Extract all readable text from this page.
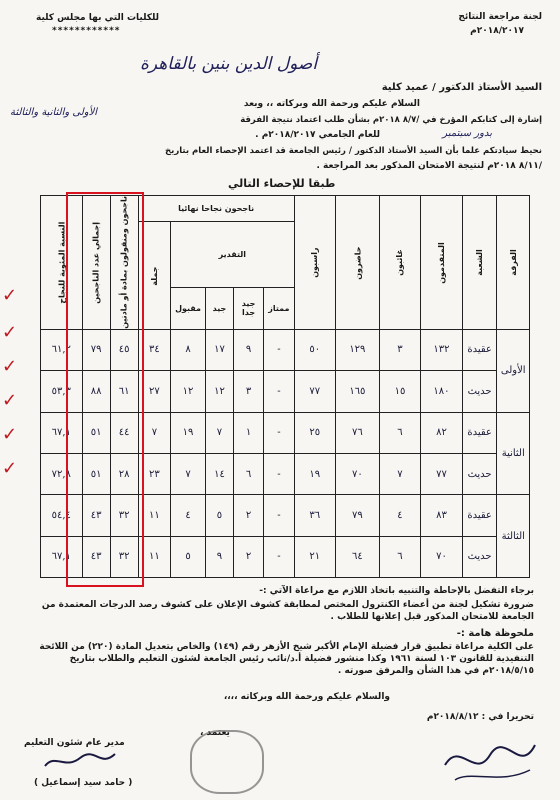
لجنة مراجعة النتائج
٢٠١٨/٢٠١٧م
للكليات التي بها مجلس كلية
************
أصول الدين بنين بالقاهرة
السيد الأستاذ الدكتور / عميد كلية
السلام عليكم ورحمة الله وبركاته ،، وبعد
إشارة إلى كتابكم المؤرخ في /٨/٧ ٢٠١٨م بشأن طلب اعتماد نتيجة الفرقة
الأولى والثانية والثالثة
للعام الجامعي ٢٠١٨/٢٠١٧م .	بدور سبتمبر
نحيط سيادتكم علما بأن السيد الأستاذ الدكتور / رئيس الجامعة قد اعتمد الإحصاء العام بتاريخ
/٨/١١ ٢٠١٨م لنتيجة الامتحان المذكور بعد المراجعة .
طبقا للإحصاء التالي
الفرقة	الشعبة	المتقدمون	غائبون	حاضرون	راسبون	ناجحون نجاحا نهائيا					ناجحون ومنقولون بمادة أو مادتين	إجمالي عدد الناجحين	النسبة المئوية للنجاح
						التقدير				جملة			
						ممتاز	جيد جدا	جيد	مقبول				
الأولى	عقيدة	١٣٢	٣	١٢٩	٥٠	-	٩	١٧	٨	٣٤	٤٥	٧٩	٦١,٢
	حديث	١٨٠	١٥	١٦٥	٧٧	-	٣	١٢	١٢	٢٧	٦١	٨٨	٥٣,٣
الثانية	عقيدة	٨٢	٦	٧٦	٢٥	-	١	٧	١٩	٧	٤٤	٥١	٦٧,١
	حديث	٧٧	٧	٧٠	١٩	-	٦	١٤	٧	٢٣	٢٨	٥١	٧٢,٨
الثالثة	عقيدة	٨٣	٤	٧٩	٣٦	-	٢	٥	٤	١١	٣٢	٤٣	٥٤,٤
	حديث	٧٠	٦	٦٤	٢١	-	٢	٩	٥	١١	٣٢	٤٣	٦٧,١
✓
✓
✓
✓
✓
✓
برجاء التفضل بالإحاطة والتنبيه باتخاذ اللازم مع مراعاة الآتي :-
ضرورة تشكيل لجنة من أعضاء الكنترول المختص لمطابقة كشوف الإعلان على كشوف رصد الدرجات المعتمدة من الجامعة للامتحان المذكور قبل إعلانها للطلاب .
ملحوظة هامة :-
على الكلية مراعاة تطبيق قرار فضيلة الإمام الأكبر شيخ الأزهر رقم (١٤٩) والخاص بتعديل المادة (٢٢٠) من اللائحة التنفيذية للقانون ١٠٣ لسنة ١٩٦١ وكذا منشور فضيلة أ.د/نائب رئيس الجامعة لشئون التعليم والطلاب بتاريخ ٢٠١٨/٥/١٥م في هذا الشأن والمرفق صورته .
والسلام عليكم ورحمة الله وبركاته ،،،،
تحريرا في : ٢٠١٨/٨/١٢م
يعتمد ،
مدير عام شئون التعليم
( حامد سيد إسماعيل )
